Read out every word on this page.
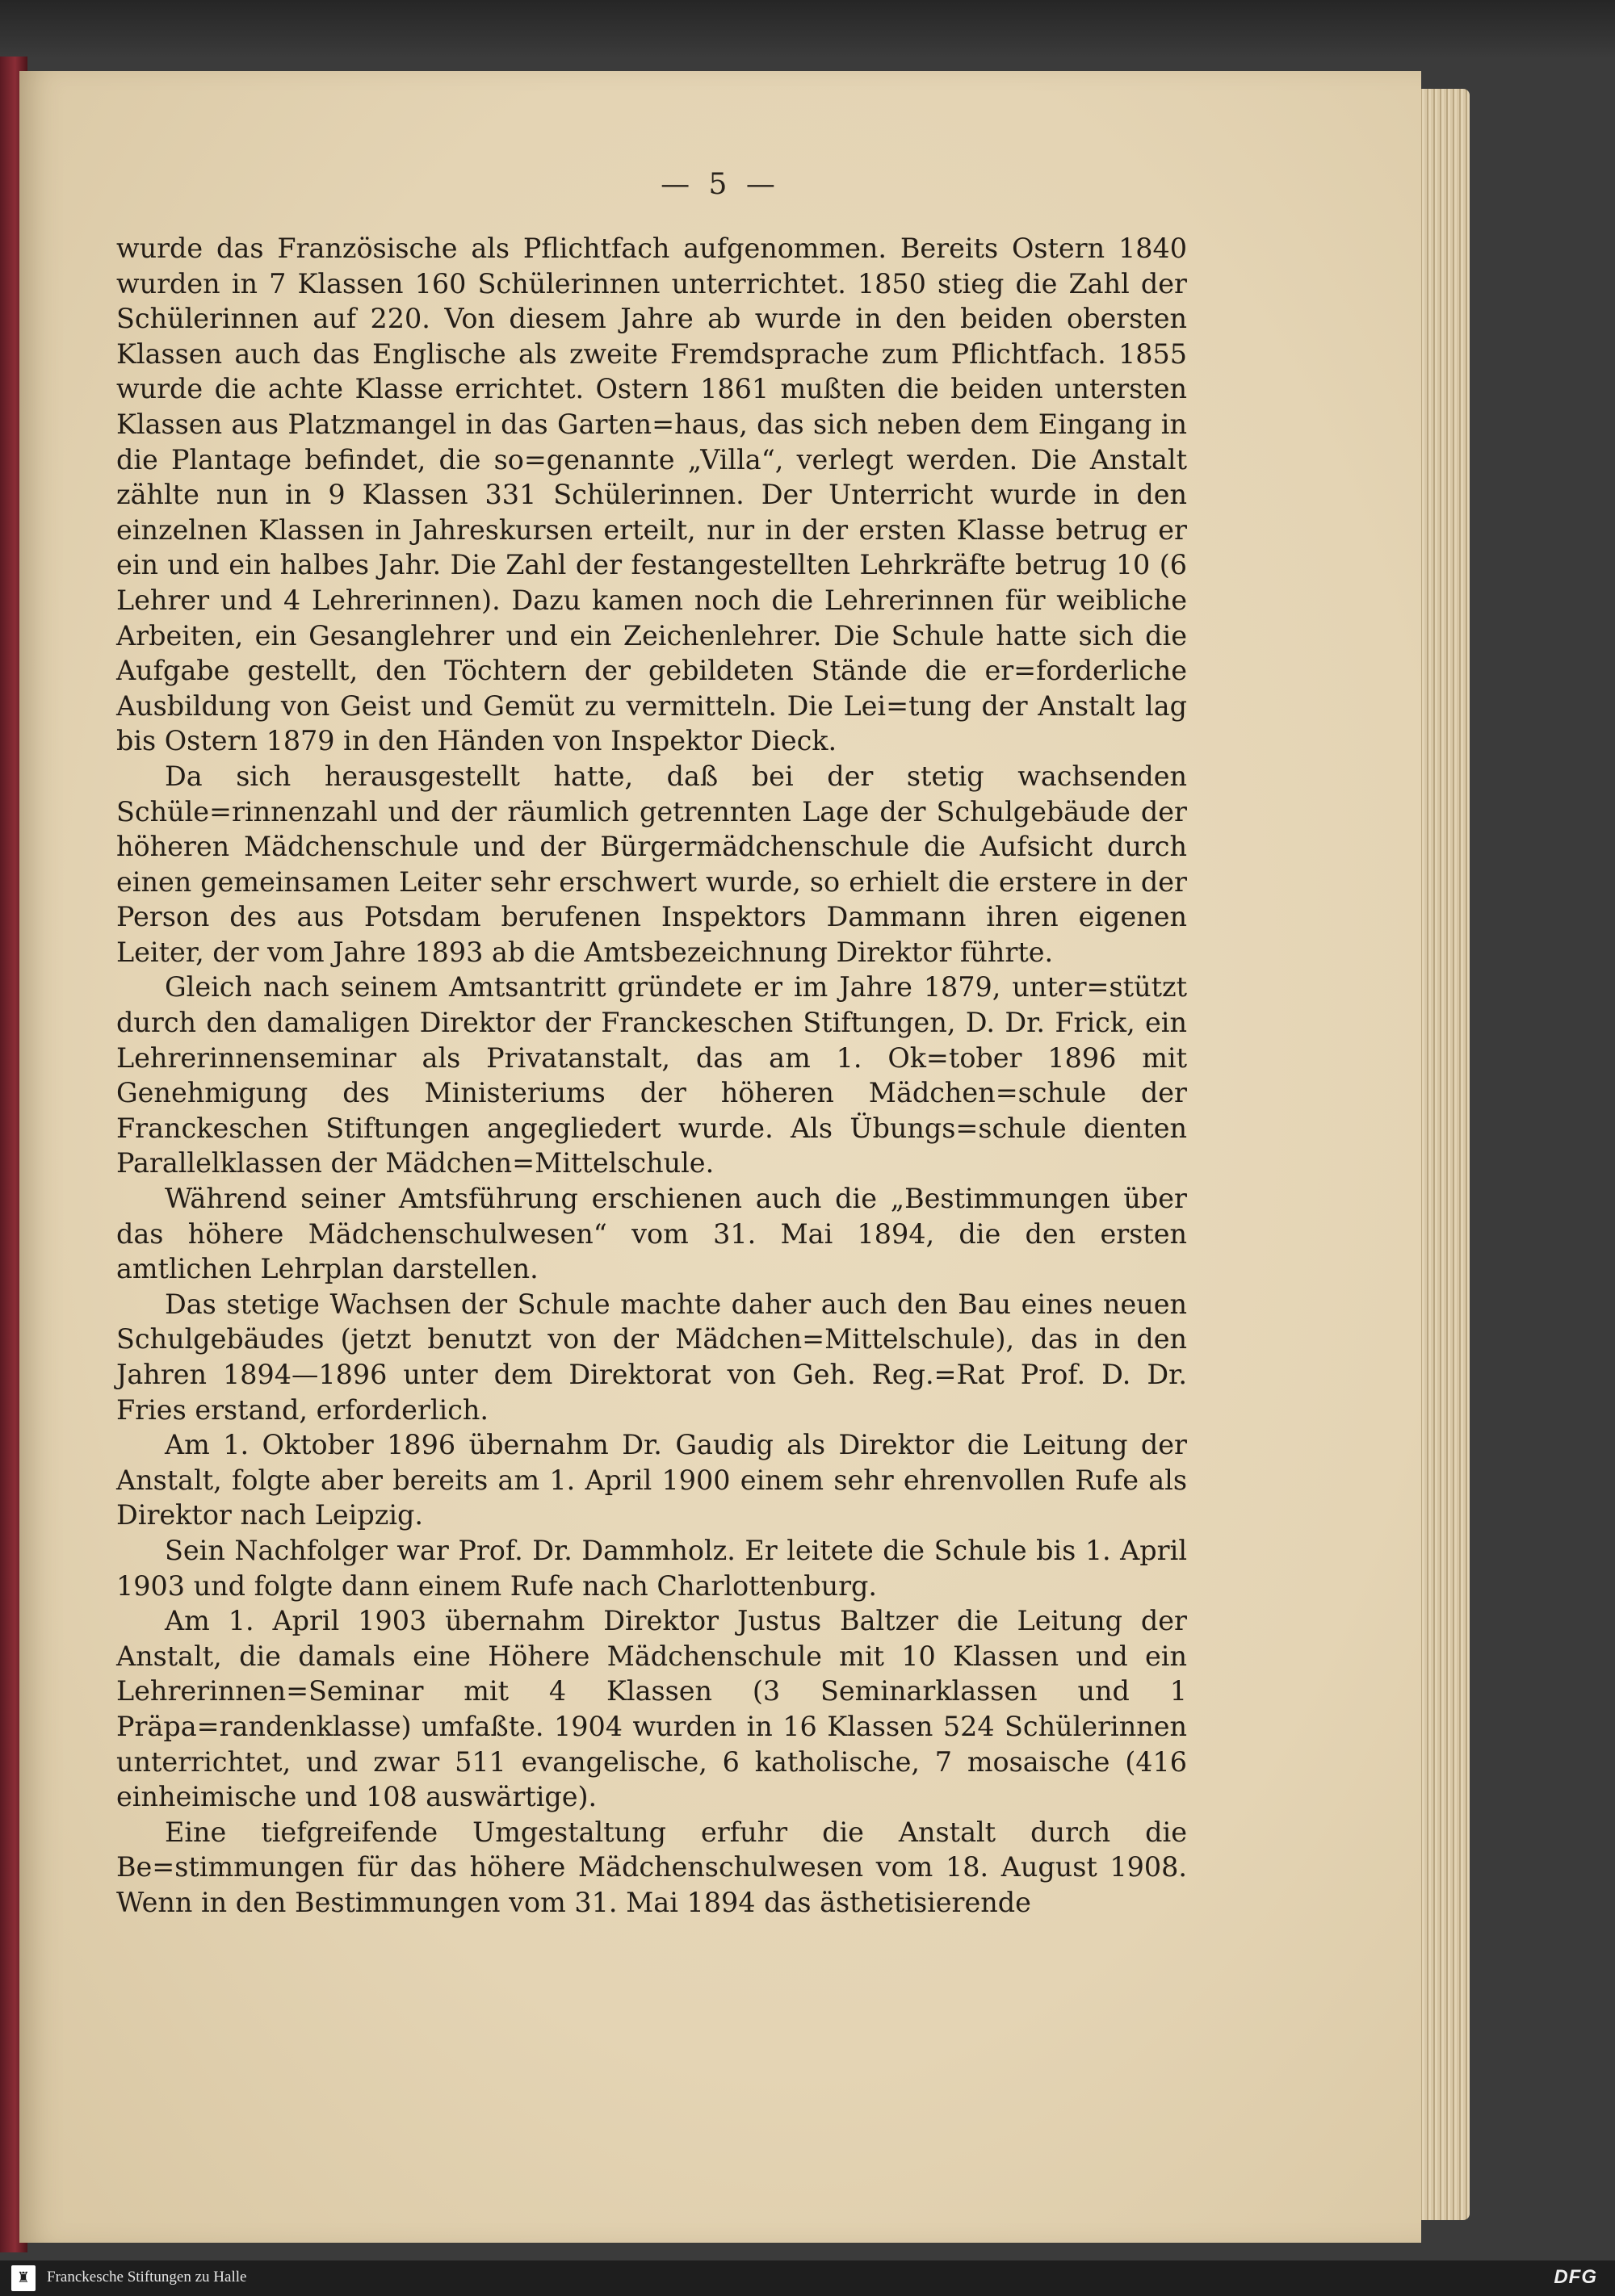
— 5 —

wurde das Französische als Pflichtfach aufgenommen. Bereits Ostern 1840 wurden in 7 Klassen 160 Schülerinnen unterrichtet. 1850 stieg die Zahl der Schülerinnen auf 220. Von diesem Jahre ab wurde in den beiden obersten Klassen auch das Englische als zweite Fremdsprache zum Pflichtfach. 1855 wurde die achte Klasse errichtet. Ostern 1861 mußten die beiden untersten Klassen aus Platzmangel in das Garten=haus, das sich neben dem Eingang in die Plantage befindet, die so=genannte „Villa“, verlegt werden. Die Anstalt zählte nun in 9 Klassen 331 Schülerinnen. Der Unterricht wurde in den einzelnen Klassen in Jahreskursen erteilt, nur in der ersten Klasse betrug er ein und ein halbes Jahr. Die Zahl der festangestellten Lehrkräfte betrug 10 (6 Lehrer und 4 Lehrerinnen). Dazu kamen noch die Lehrerinnen für weibliche Arbeiten, ein Gesanglehrer und ein Zeichenlehrer. Die Schule hatte sich die Aufgabe gestellt, den Töchtern der gebildeten Stände die er=forderliche Ausbildung von Geist und Gemüt zu vermitteln. Die Lei=tung der Anstalt lag bis Ostern 1879 in den Händen von Inspektor Dieck.

Da sich herausgestellt hatte, daß bei der stetig wachsenden Schüle=rinnenzahl und der räumlich getrennten Lage der Schulgebäude der höheren Mädchenschule und der Bürgermädchenschule die Aufsicht durch einen gemeinsamen Leiter sehr erschwert wurde, so erhielt die erstere in der Person des aus Potsdam berufenen Inspektors Dammann ihren eigenen Leiter, der vom Jahre 1893 ab die Amtsbezeichnung Direktor führte.

Gleich nach seinem Amtsantritt gründete er im Jahre 1879, unter=stützt durch den damaligen Direktor der Franckeschen Stiftungen, D. Dr. Frick, ein Lehrerinnenseminar als Privatanstalt, das am 1. Ok=tober 1896 mit Genehmigung des Ministeriums der höheren Mädchen=schule der Franckeschen Stiftungen angegliedert wurde. Als Übungs=schule dienten Parallelklassen der Mädchen=Mittelschule.

Während seiner Amtsführung erschienen auch die „Bestimmungen über das höhere Mädchenschulwesen“ vom 31. Mai 1894, die den ersten amtlichen Lehrplan darstellen.

Das stetige Wachsen der Schule machte daher auch den Bau eines neuen Schulgebäudes (jetzt benutzt von der Mädchen=Mittelschule), das in den Jahren 1894—1896 unter dem Direktorat von Geh. Reg.=Rat Prof. D. Dr. Fries erstand, erforderlich.

Am 1. Oktober 1896 übernahm Dr. Gaudig als Direktor die Leitung der Anstalt, folgte aber bereits am 1. April 1900 einem sehr ehrenvollen Rufe als Direktor nach Leipzig.

Sein Nachfolger war Prof. Dr. Dammholz. Er leitete die Schule bis 1. April 1903 und folgte dann einem Rufe nach Charlottenburg.

Am 1. April 1903 übernahm Direktor Justus Baltzer die Leitung der Anstalt, die damals eine Höhere Mädchenschule mit 10 Klassen und ein Lehrerinnen=Seminar mit 4 Klassen (3 Seminarklassen und 1 Präpa=randenklasse) umfaßte. 1904 wurden in 16 Klassen 524 Schülerinnen unterrichtet, und zwar 511 evangelische, 6 katholische, 7 mosaische (416 einheimische und 108 auswärtige).

Eine tiefgreifende Umgestaltung erfuhr die Anstalt durch die Be=stimmungen für das höhere Mädchenschulwesen vom 18. August 1908. Wenn in den Bestimmungen vom 31. Mai 1894 das ästhetisierende

♜	Franckesche Stiftungen zu Halle	DFG
